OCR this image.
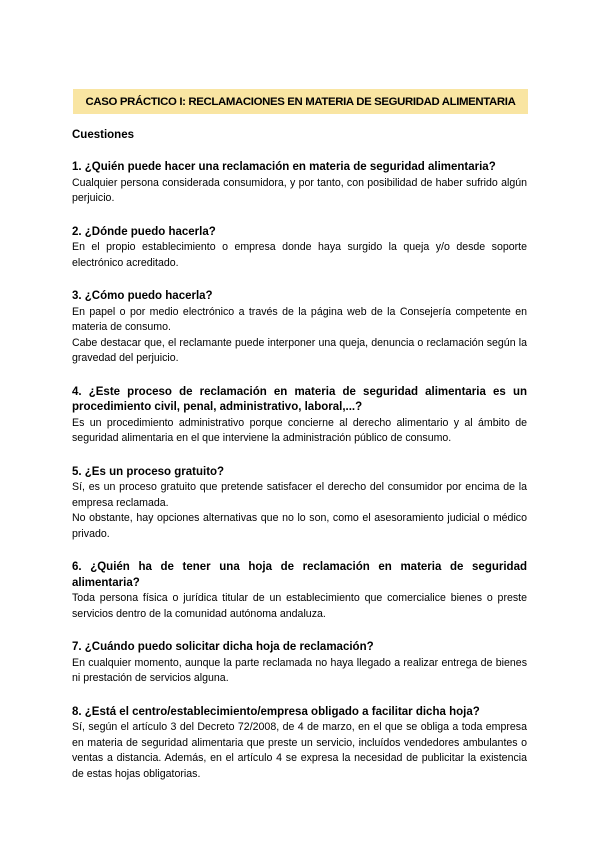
CASO PRÁCTICO I: RECLAMACIONES EN MATERIA DE SEGURIDAD ALIMENTARIA

Cuestiones

1. ¿Quién puede hacer una reclamación en materia de seguridad alimentaria?

Cualquier persona considerada consumidora, y por tanto, con posibilidad de haber sufrido algún perjuicio.

2. ¿Dónde puedo hacerla?

En el propio establecimiento o empresa donde haya surgido la queja y/o desde soporte electrónico acreditado.

3. ¿Cómo puedo hacerla?

En papel o por medio electrónico a través de la página web de la Consejería competente en materia de consumo.

Cabe destacar que, el reclamante puede interponer una queja, denuncia o reclamación según la gravedad del perjuicio.

4. ¿Este proceso de reclamación en materia de seguridad alimentaria es un procedimiento civil, penal, administrativo, laboral,...?

Es un procedimiento administrativo porque concierne al derecho alimentario y al ámbito de seguridad alimentaria en el que interviene la administración público de consumo.

5. ¿Es un proceso gratuito?

Sí, es un proceso gratuito que pretende satisfacer el derecho del consumidor por encima de la empresa reclamada.

No obstante, hay opciones alternativas que no lo son, como el asesoramiento judicial o médico privado.

6. ¿Quién ha de tener una hoja de reclamación en materia de seguridad alimentaria?

Toda persona física o jurídica titular de un establecimiento que comercialice bienes o preste servicios dentro de la comunidad autónoma andaluza.

7. ¿Cuándo puedo solicitar dicha hoja de reclamación?

En cualquier momento, aunque la parte reclamada no haya llegado a realizar entrega de bienes ni prestación de servicios alguna.

8. ¿Está el centro/establecimiento/empresa obligado a facilitar dicha hoja?

Sí, según el artículo 3 del Decreto 72/2008, de 4 de marzo, en el que se obliga a toda empresa en materia de seguridad alimentaria que preste un servicio, incluídos vendedores ambulantes o ventas a distancia. Además, en el artículo 4 se expresa la necesidad de publicitar la existencia de estas hojas obligatorias.
